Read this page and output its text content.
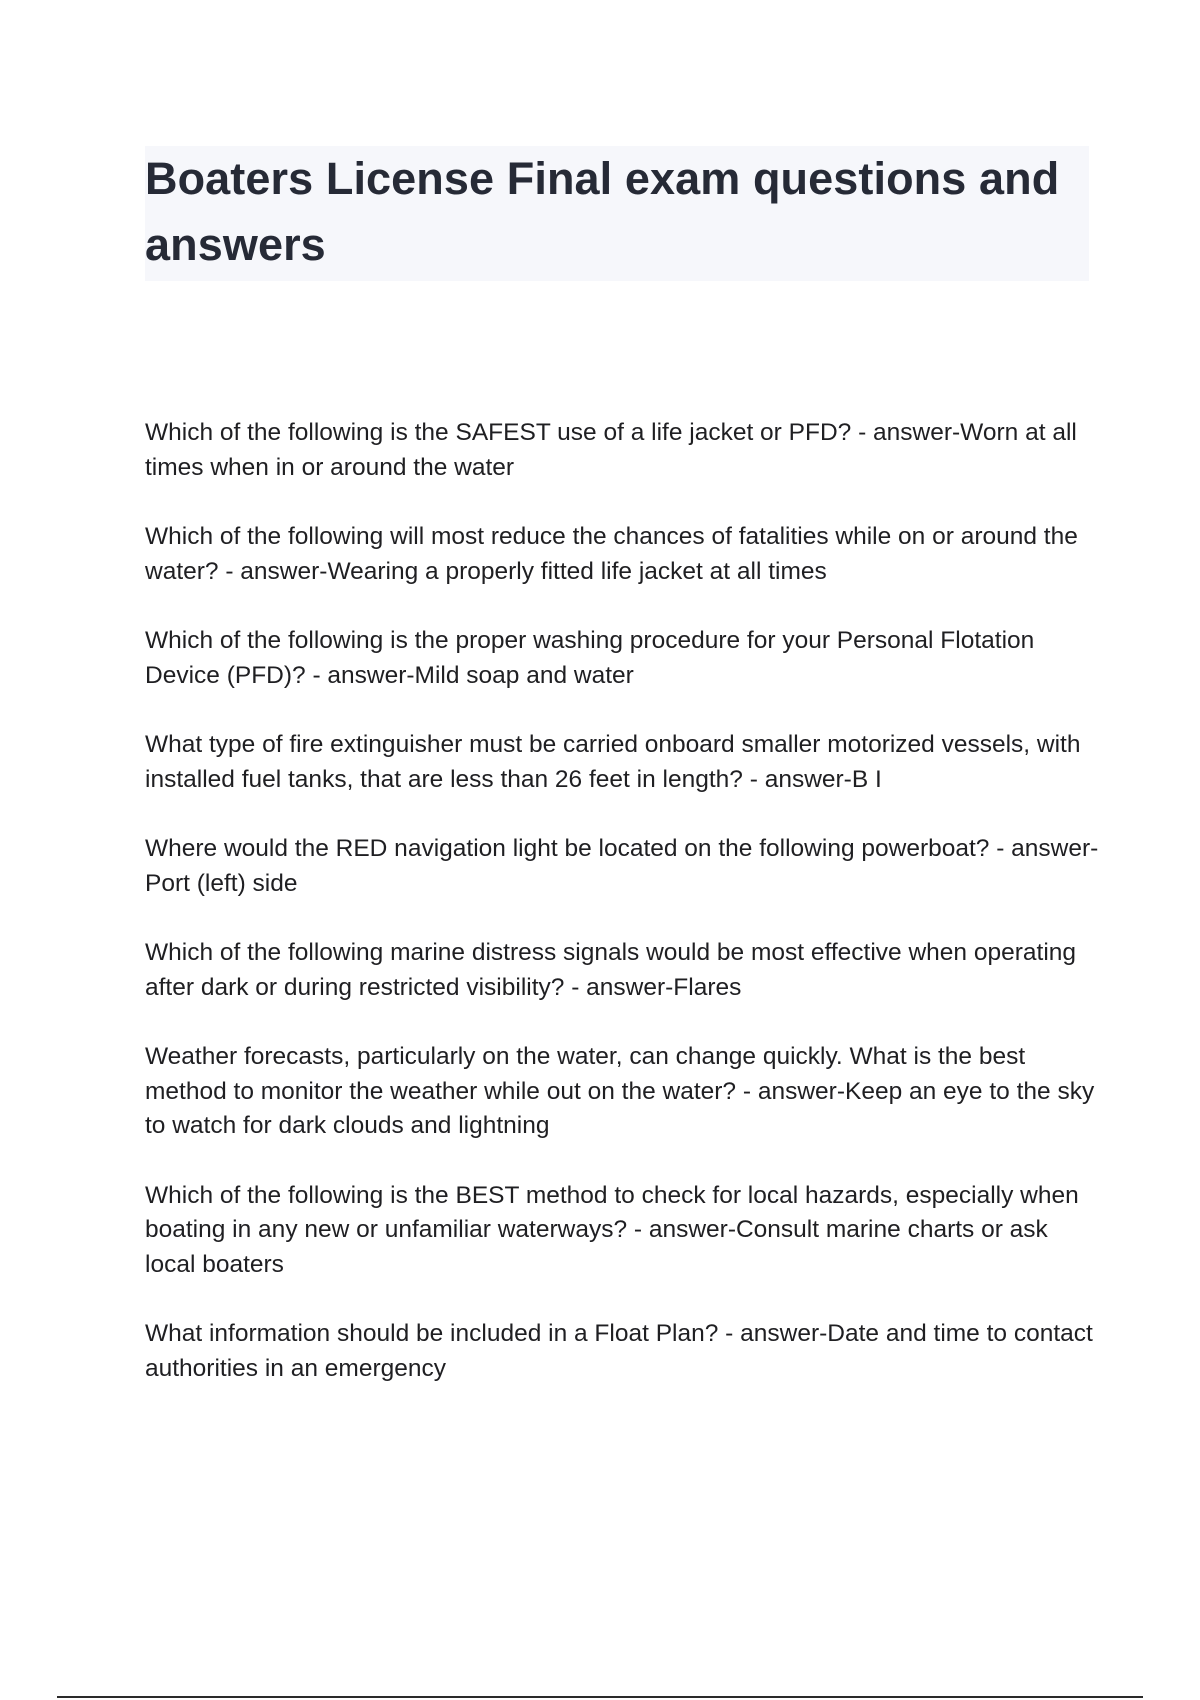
Boaters License Final exam questions and answers
Which of the following is the SAFEST use of a life jacket or PFD? - answer-Worn at all times when in or around the water
Which of the following will most reduce the chances of fatalities while on or around the water? - answer-Wearing a properly fitted life jacket at all times
Which of the following is the proper washing procedure for your Personal Flotation Device (PFD)? - answer-Mild soap and water
What type of fire extinguisher must be carried onboard smaller motorized vessels, with installed fuel tanks, that are less than 26 feet in length? - answer-B I
Where would the RED navigation light be located on the following powerboat? - answer-Port (left) side
Which of the following marine distress signals would be most effective when operating after dark or during restricted visibility? - answer-Flares
Weather forecasts, particularly on the water, can change quickly. What is the best method to monitor the weather while out on the water? - answer-Keep an eye to the sky to watch for dark clouds and lightning
Which of the following is the BEST method to check for local hazards, especially when boating in any new or unfamiliar waterways? - answer-Consult marine charts or ask local boaters
What information should be included in a Float Plan? - answer-Date and time to contact authorities in an emergency
